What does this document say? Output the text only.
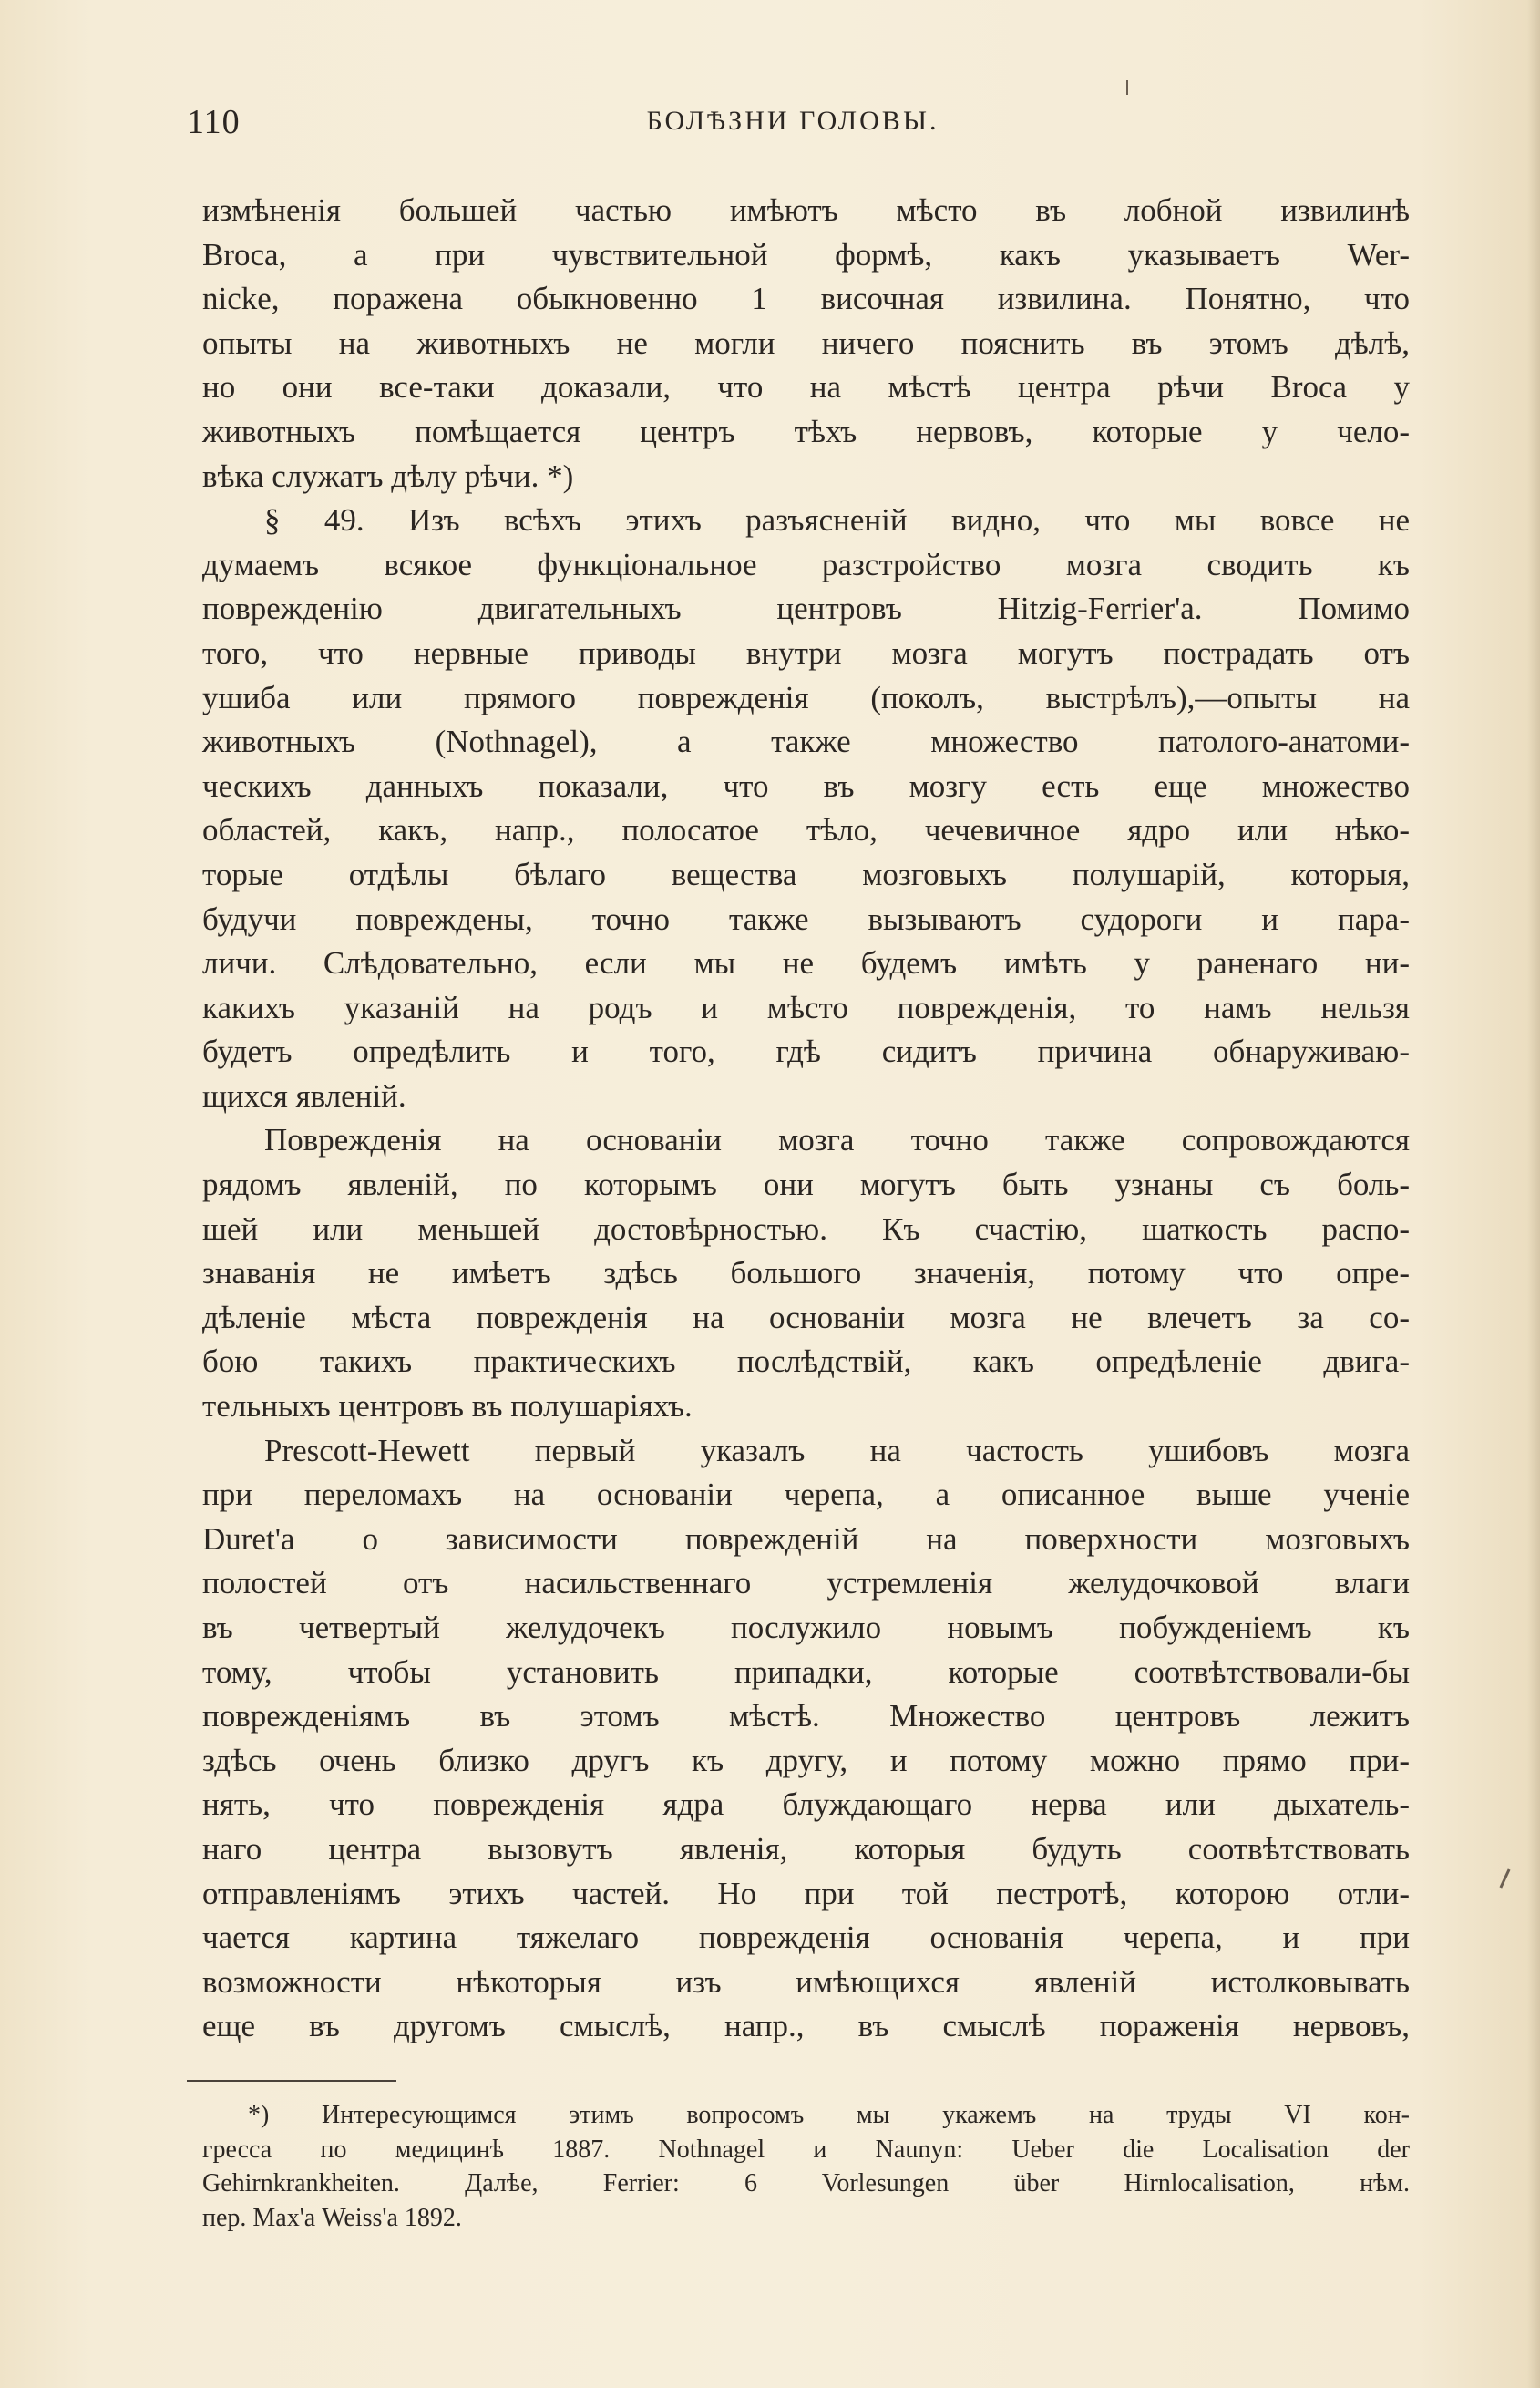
110	БОЛѢЗНИ ГОЛОВЫ.
измѣненія большей частью имѣютъ мѣсто въ лобной извилинѣ
Broca, а при чувствительной формѣ, какъ указываетъ Wer-
nicke, поражена обыкновенно 1 височная извилина. Понятно, что
опыты на животныхъ не могли ничего пояснить въ этомъ дѣлѣ,
но они все-таки доказали, что на мѣстѣ центра рѣчи Broca у
животныхъ помѣщается центръ тѣхъ нервовъ, которые у чело-
вѣка служатъ дѣлу рѣчи. *)
§ 49. Изъ всѣхъ этихъ разъясненій видно, что мы вовсе не
думаемъ всякое функціональное разстройство мозга сводить къ
поврежденію двигательныхъ центровъ Hitzig-Ferrier'а. Помимо
того, что нервные приводы внутри мозга могутъ пострадать отъ
ушиба или прямого поврежденія (поколъ, выстрѣлъ),—опыты на
животныхъ (Nothnagel), а также множество патолого-анатоми-
ческихъ данныхъ показали, что въ мозгу есть еще множество
областей, какъ, напр., полосатое тѣло, чечевичное ядро или нѣко-
торые отдѣлы бѣлаго вещества мозговыхъ полушарій, которыя,
будучи повреждены, точно также вызываютъ судороги и пара-
личи. Слѣдовательно, если мы не будемъ имѣть у раненаго ни-
какихъ указаній на родъ и мѣсто поврежденія, то намъ нельзя
будетъ опредѣлить и того, гдѣ сидитъ причина обнаруживаю-
щихся явленій.
Поврежденія на основаніи мозга точно также сопровождаются
рядомъ явленій, по которымъ они могутъ быть узнаны съ боль-
шей или меньшей достовѣрностью. Къ счастію, шаткость распо-
знаванія не имѣетъ здѣсь большого значенія, потому что опре-
дѣленіе мѣста поврежденія на основаніи мозга не влечетъ за со-
бою такихъ практическихъ послѣдствій, какъ опредѣленіе двига-
тельныхъ центровъ въ полушаріяхъ.
Prescott-Hewett первый указалъ на частость ушибовъ мозга
при переломахъ на основаніи черепа, а описанное выше ученіе
Duret'а о зависимости поврежденій на поверхности мозговыхъ
полостей отъ насильственнаго устремленія желудочковой влаги
въ четвертый желудочекъ послужило новымъ побужденіемъ къ
тому, чтобы установить припадки, которые соотвѣтствовали-бы
поврежденіямъ въ этомъ мѣстѣ. Множество центровъ лежитъ
здѣсь очень близко другъ къ другу, и потому можно прямо при-
нять, что поврежденія ядра блуждающаго нерва или дыхатель-
наго центра вызовутъ явленія, которыя будуть соотвѣтствовать
отправленіямъ этихъ частей. Но при той пестротѣ, которою отли-
чается картина тяжелаго поврежденія основанія черепа, и при
возможности нѣкоторыя изъ имѣющихся явленій истолковывать
еще въ другомъ смыслѣ, напр., въ смыслѣ пораженія нервовъ,
*) Интересующимся этимъ вопросомъ мы укажемъ на труды VI кон-
гресса по медицинѣ 1887. Nothnagel и Naunyn: Ueber die Localisation der
Gehirnkrankheiten. Далѣе, Ferrier: 6 Vorlesungen über Hirnlocalisation, нѣм.
пер. Max'а Weiss'а 1892.
